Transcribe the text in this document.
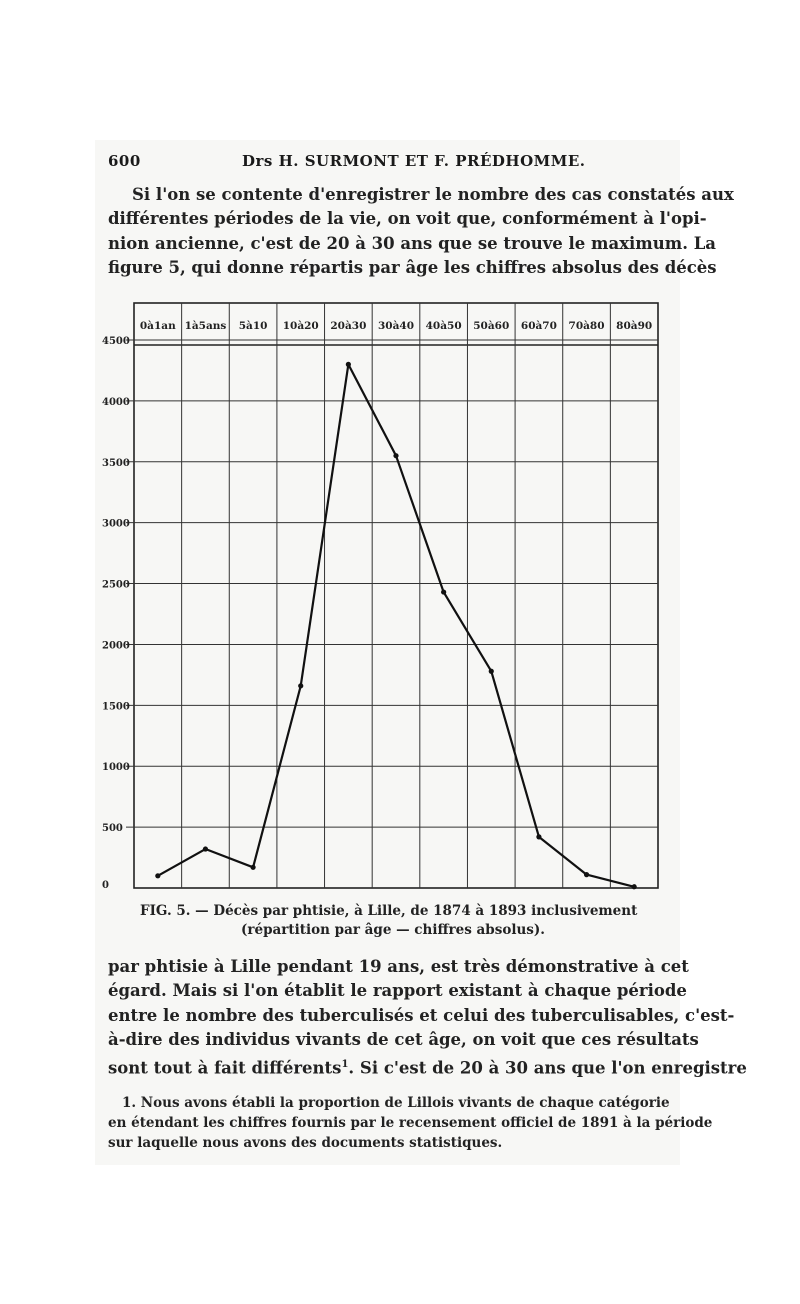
600	Drs H. SURMONT ET F. PRÉDHOMME.

Si l'on se contente d'enregistrer le nombre des cas constatés aux
différentes périodes de la vie, on voit que, conformément à l'opi-
nion ancienne, c'est de 20 à 30 ans que se trouve le maximum. La
figure 5, qui donne répartis par âge les chiffres absolus des décès

0à1an 1à5ans 5à10 10à20 20à30 30à40 40à50 50à60 60à70 70à80 80à90
4500
4000
3500
3000
2500
2000
1500
1000
500
0
FIG. 5. — Décès par phtisie, à Lille, de 1874 à 1893 inclusivement
(répartition par âge — chiffres absolus).

par phtisie à Lille pendant 19 ans, est très démonstrative à cet
égard. Mais si l'on établit le rapport existant à chaque période
entre le nombre des tuberculisés et celui des tuberculisables, c'est-
à-dire des individus vivants de cet âge, on voit que ces résultats
sont tout à fait différents$^1$. Si c'est de 20 à 30 ans que l'on enregistre

1. Nous avons établi la proportion de Lillois vivants de chaque catégorie
en étendant les chiffres fournis par le recensement officiel de 1891 à la période
sur laquelle nous avons des documents statistiques.
